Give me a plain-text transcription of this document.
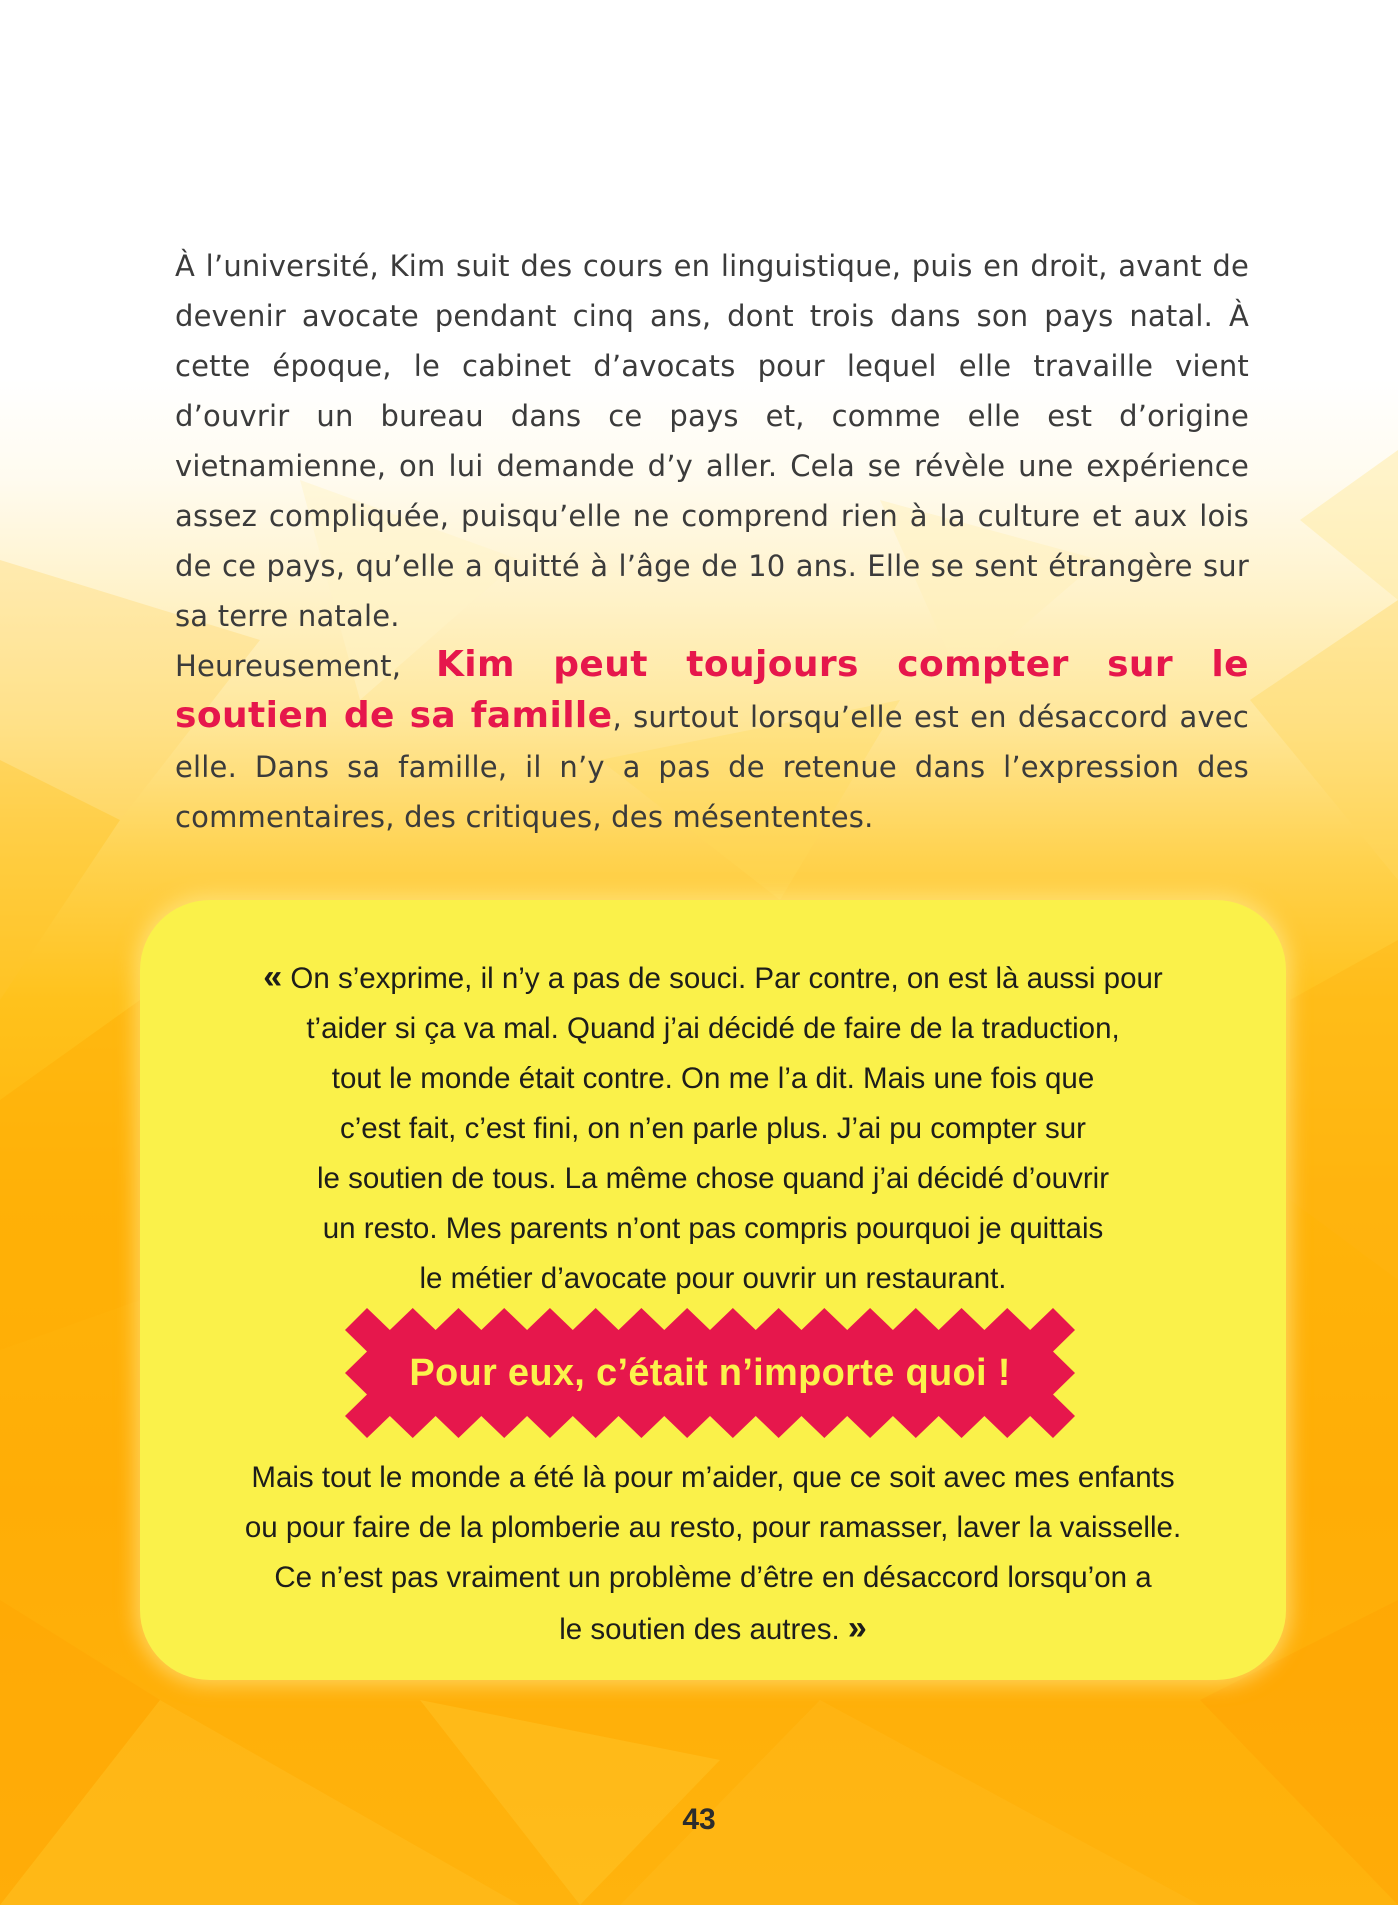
À l’université, Kim suit des cours en linguistique, puis en droit, avant de devenir avocate pendant cinq ans, dont trois dans son pays natal. À cette époque, le cabinet d’avocats pour lequel elle travaille vient d’ouvrir un bureau dans ce pays et, comme elle est d’origine vietnamienne, on lui demande d’y aller. Cela se révèle une expérience assez compliquée, puisqu’elle ne comprend rien à la culture et aux lois de ce pays, qu’elle a quitté à l’âge de 10 ans. Elle se sent étrangère sur sa terre natale.

Heureusement, Kim peut toujours compter sur le soutien de sa famille, surtout lorsqu’elle est en désaccord avec elle. Dans sa famille, il n’y a pas de retenue dans l’expression des commentaires, des critiques, des mésententes.

« On s’exprime, il n’y a pas de souci. Par contre, on est là aussi pour
t’aider si ça va mal. Quand j’ai décidé de faire de la traduction,
tout le monde était contre. On me l’a dit. Mais une fois que
c’est fait, c’est fini, on n’en parle plus. J’ai pu compter sur
le soutien de tous. La même chose quand j’ai décidé d’ouvrir
un resto. Mes parents n’ont pas compris pourquoi je quittais
le métier d’avocate pour ouvrir un restaurant.

Pour eux, c’était n’importe quoi !

Mais tout le monde a été là pour m’aider, que ce soit avec mes enfants
ou pour faire de la plomberie au resto, pour ramasser, laver la vaisselle.
Ce n’est pas vraiment un problème d’être en désaccord lorsqu’on a
le soutien des autres. »

43
